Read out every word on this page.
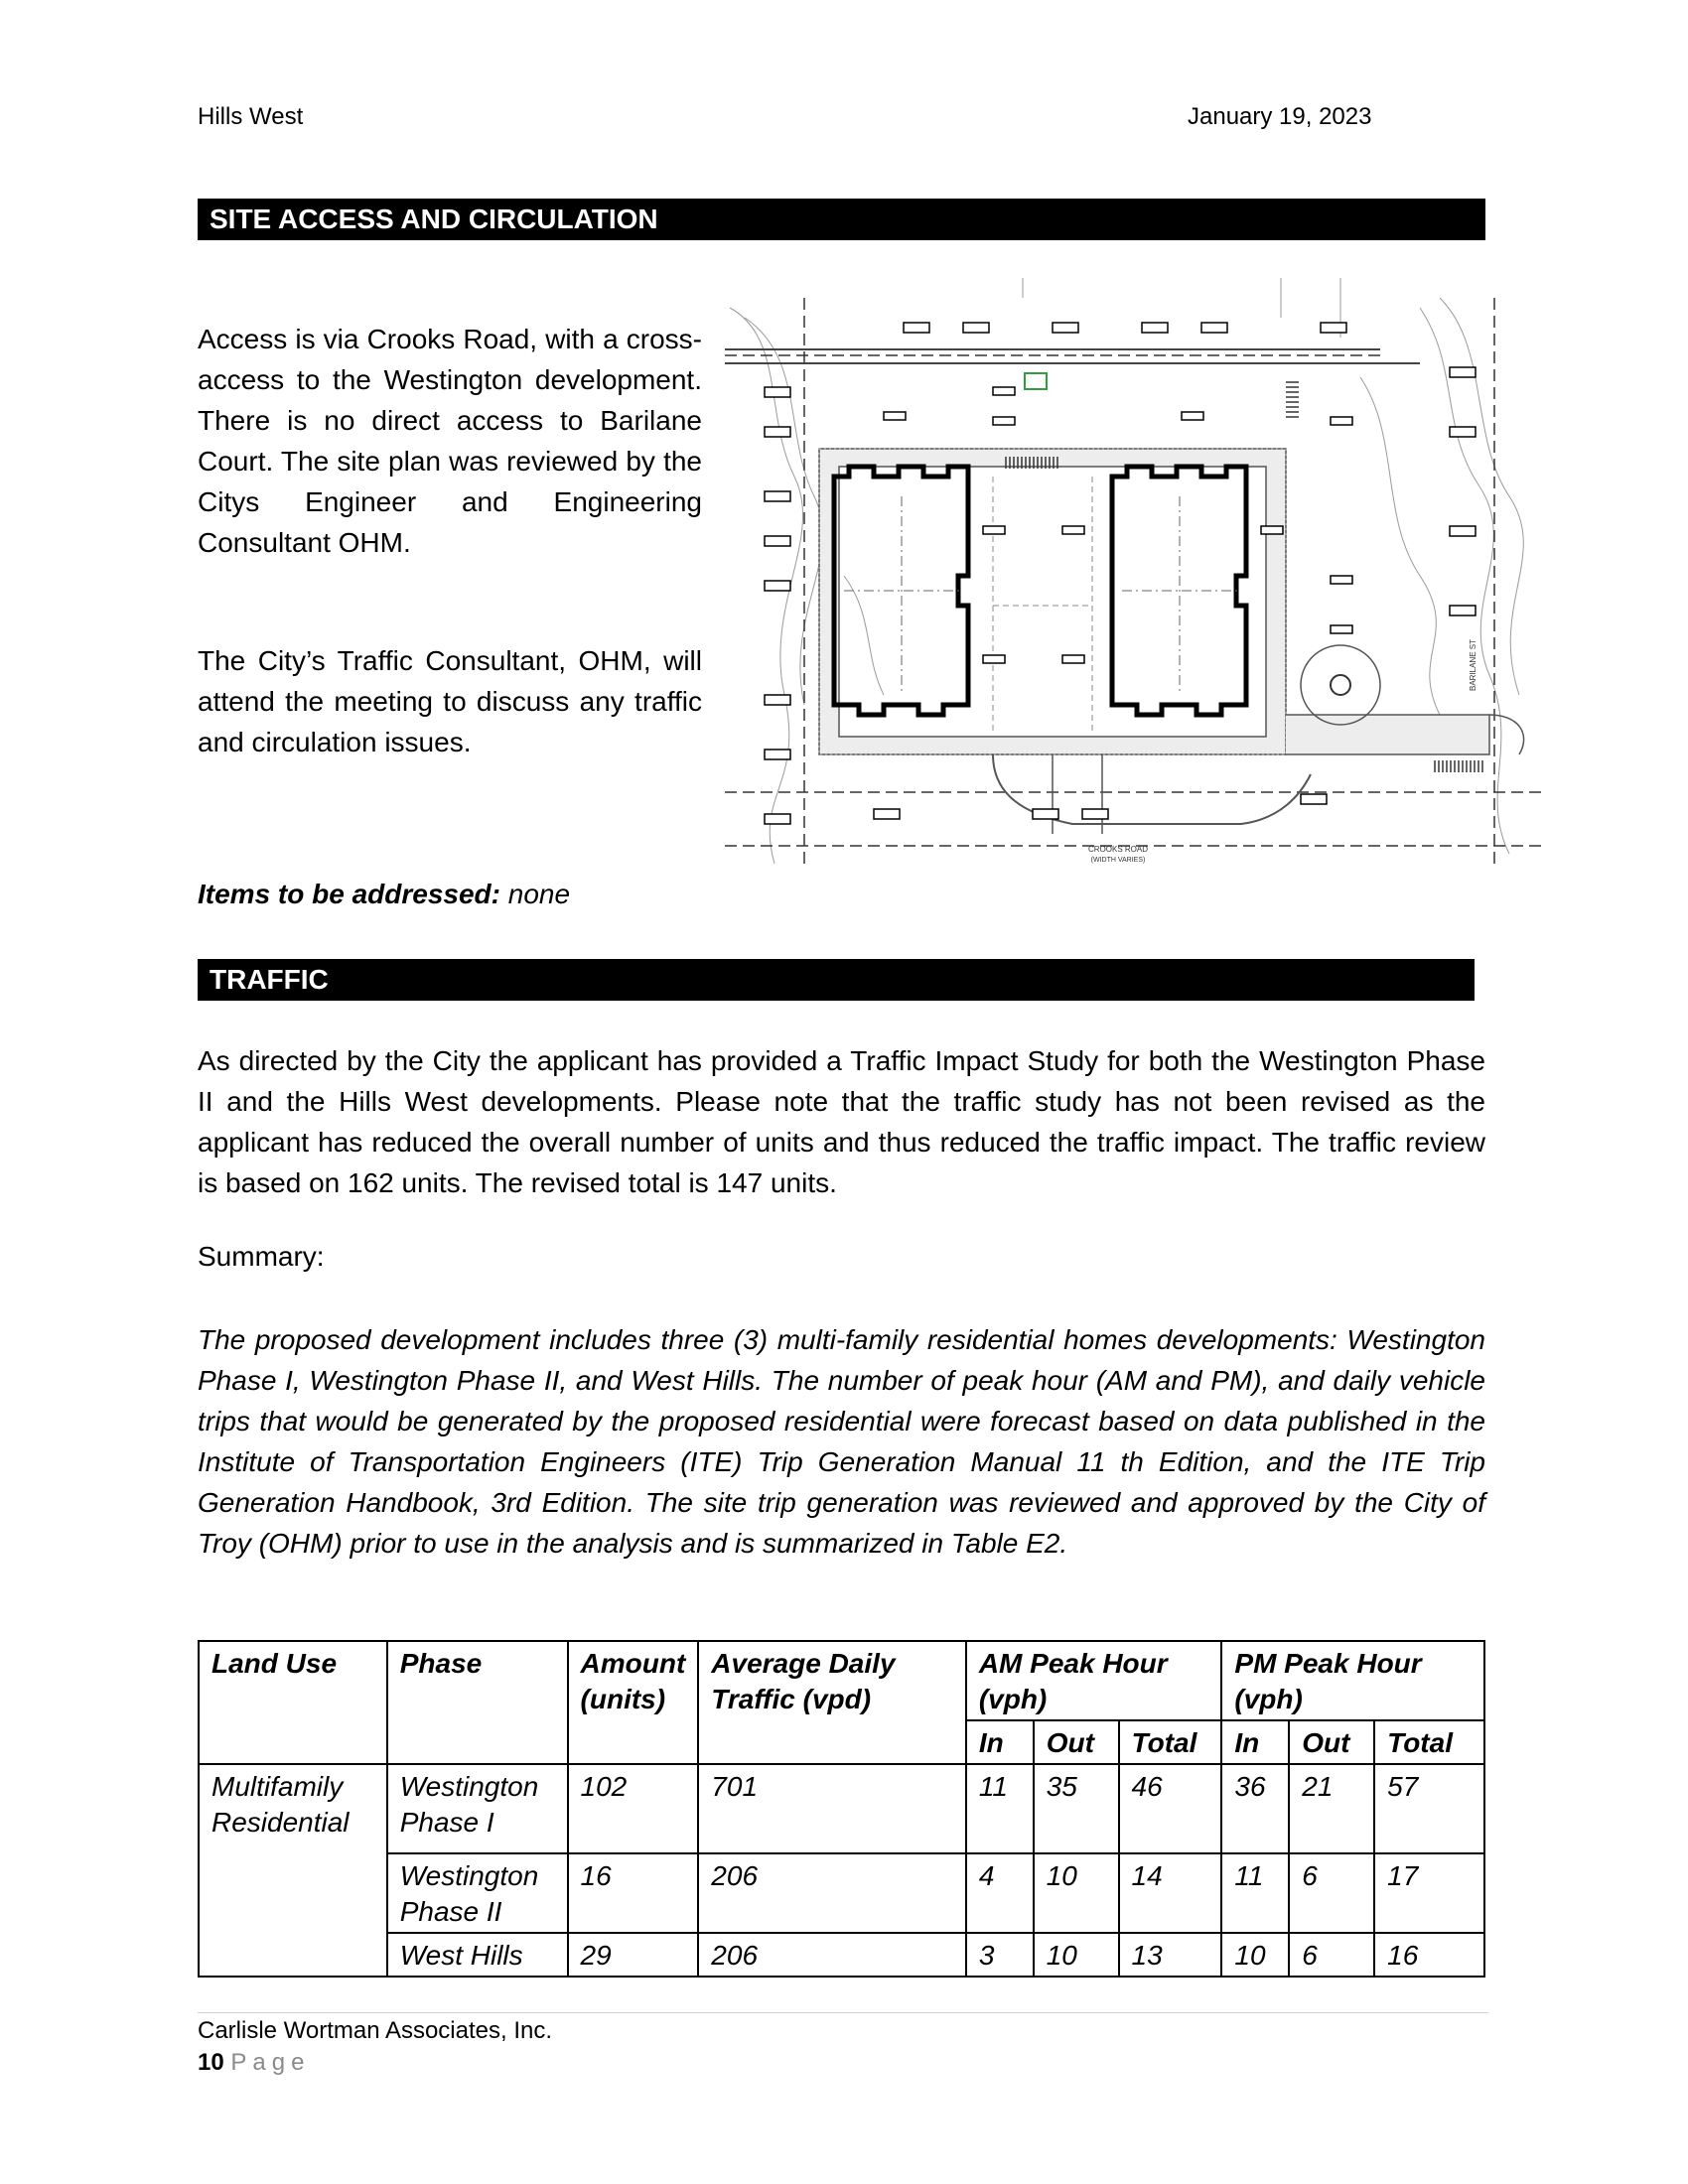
Hills West	January 19, 2023
SITE ACCESS AND CIRCULATION
Access is via Crooks Road, with a cross-access to the Westington development. There is no direct access to Barilane Court. The site plan was reviewed by the Citys Engineer and Engineering Consultant OHM.
The City’s Traffic Consultant, OHM, will attend the meeting to discuss any traffic and circulation issues.
CROOKS ROAD
(WIDTH VARIES)
BARILANE ST
Items to be addressed: none
TRAFFIC
As directed by the City the applicant has provided a Traffic Impact Study for both the Westington Phase II and the Hills West developments. Please note that the traffic study has not been revised as the applicant has reduced the overall number of units and thus reduced the traffic impact. The traffic review is based on 162 units. The revised total is 147 units.
Summary:
The proposed development includes three (3) multi-family residential homes developments: Westington Phase I, Westington Phase II, and West Hills. The number of peak hour (AM and PM), and daily vehicle trips that would be generated by the proposed residential were forecast based on data published in the Institute of Transportation Engineers (ITE) Trip Generation Manual 11 th Edition, and the ITE Trip Generation Handbook, 3rd Edition. The site trip generation was reviewed and approved by the City of Troy (OHM) prior to use in the analysis and is summarized in Table E2.
Land Use	Phase	Amount (units)	Average Daily Traffic (vpd)	AM Peak Hour (vph)			PM Peak Hour (vph)		
				In	Out	Total	In	Out	Total
Multifamily Residential	Westington Phase I	102	701	11	35	46	36	21	57
	Westington Phase II	16	206	4	10	14	11	6	17
	West Hills	29	206	3	10	13	10	6	16
Carlisle Wortman Associates, Inc.
10 Page
